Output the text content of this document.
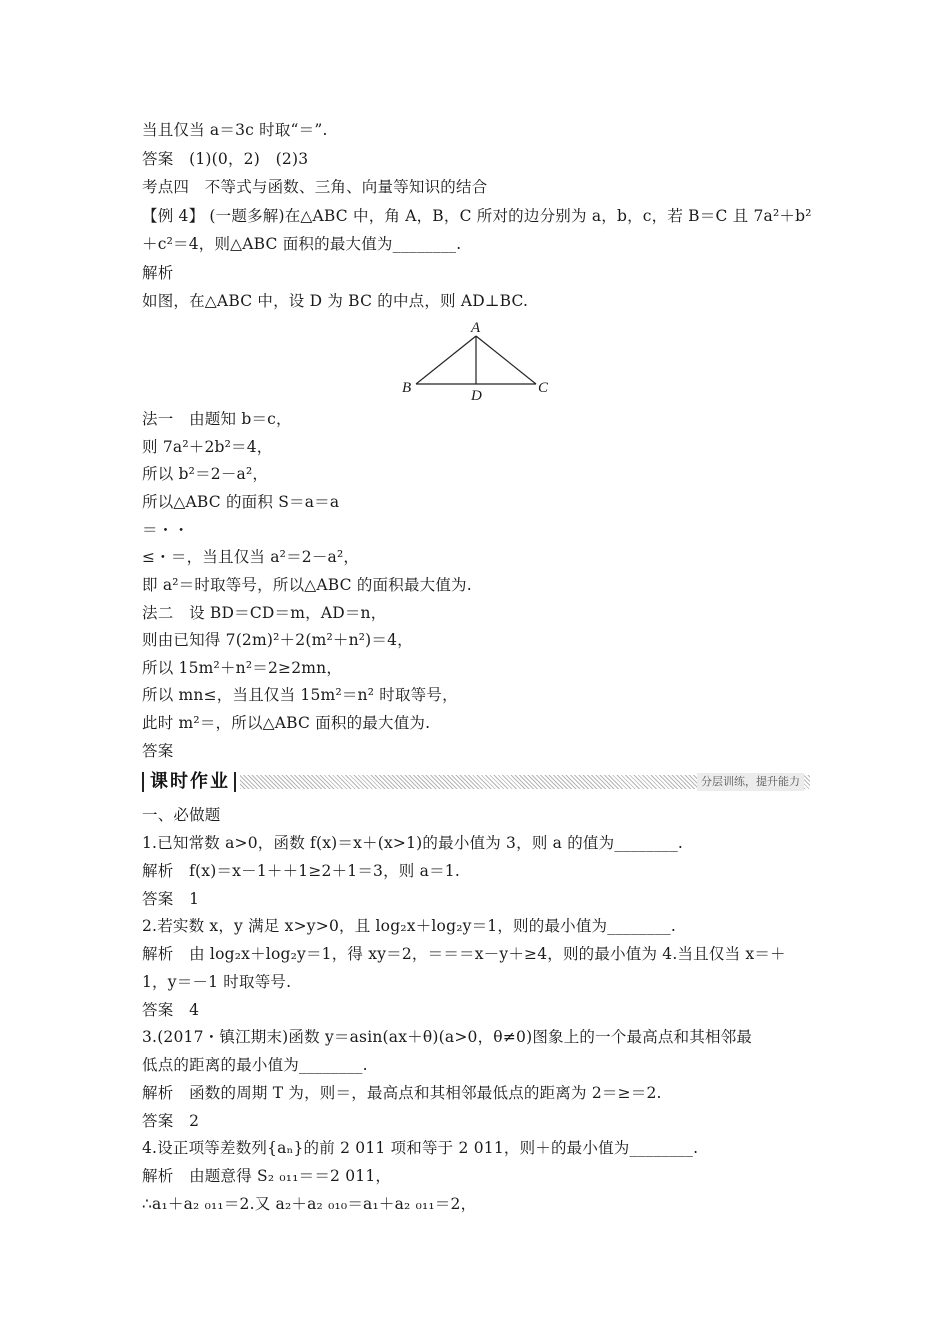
当且仅当 a＝3c 时取“＝”.
答案　(1)(0，2)　(2)3
考点四　不等式与函数、三角、向量等知识的结合
【例 4】 (一题多解)在△ABC 中，角 A，B，C 所对的边分别为 a，b，c，若 B＝C 且 7a²＋b²
＋c²＝4，则△ABC 面积的最大值为________.
解析
如图，在△ABC 中，设 D 为 BC 的中点，则 AD⊥BC.
A
B	C
D
法一　由题知 b＝c，
则 7a²＋2b²＝4，
所以 b²＝2－a²，
所以△ABC 的面积 S＝a＝a
＝・・
≤・＝，当且仅当 a²＝2－a²，
即 a²＝时取等号，所以△ABC 的面积最大值为.
法二　设 BD＝CD＝m，AD＝n，
则由已知得 7(2m)²＋2(m²＋n²)＝4，
所以 15m²＋n²＝2≥2mn，
所以 mn≤，当且仅当 15m²＝n² 时取等号，
此时 m²＝，所以△ABC 面积的最大值为.
答案
课时作业	分层训练，提升能力
一、必做题
1.已知常数 a>0，函数 f(x)＝x＋(x>1)的最小值为 3，则 a 的值为________.
解析　f(x)＝x－1＋＋1≥2＋1＝3，则 a＝1.
答案　1
2.若实数 x，y 满足 x>y>0，且 log₂x＋log₂y＝1，则的最小值为________.
解析　由 log₂x＋log₂y＝1，得 xy＝2，＝＝＝x－y＋≥4，则的最小值为 4.当且仅当 x＝＋
1，y＝－1 时取等号.
答案　4
3.(2017・镇江期末)函数 y＝asin(ax＋θ)(a>0，θ≠0)图象上的一个最高点和其相邻最
低点的距离的最小值为________.
解析　函数的周期 T 为，则＝，最高点和其相邻最低点的距离为 2＝≥＝2.
答案　2
4.设正项等差数列{aₙ}的前 2 011 项和等于 2 011，则＋的最小值为________.
解析　由题意得 S₂ ₀₁₁＝＝2 011，
∴a₁＋a₂ ₀₁₁＝2.又 a₂＋a₂ ₀₁₀＝a₁＋a₂ ₀₁₁＝2，
